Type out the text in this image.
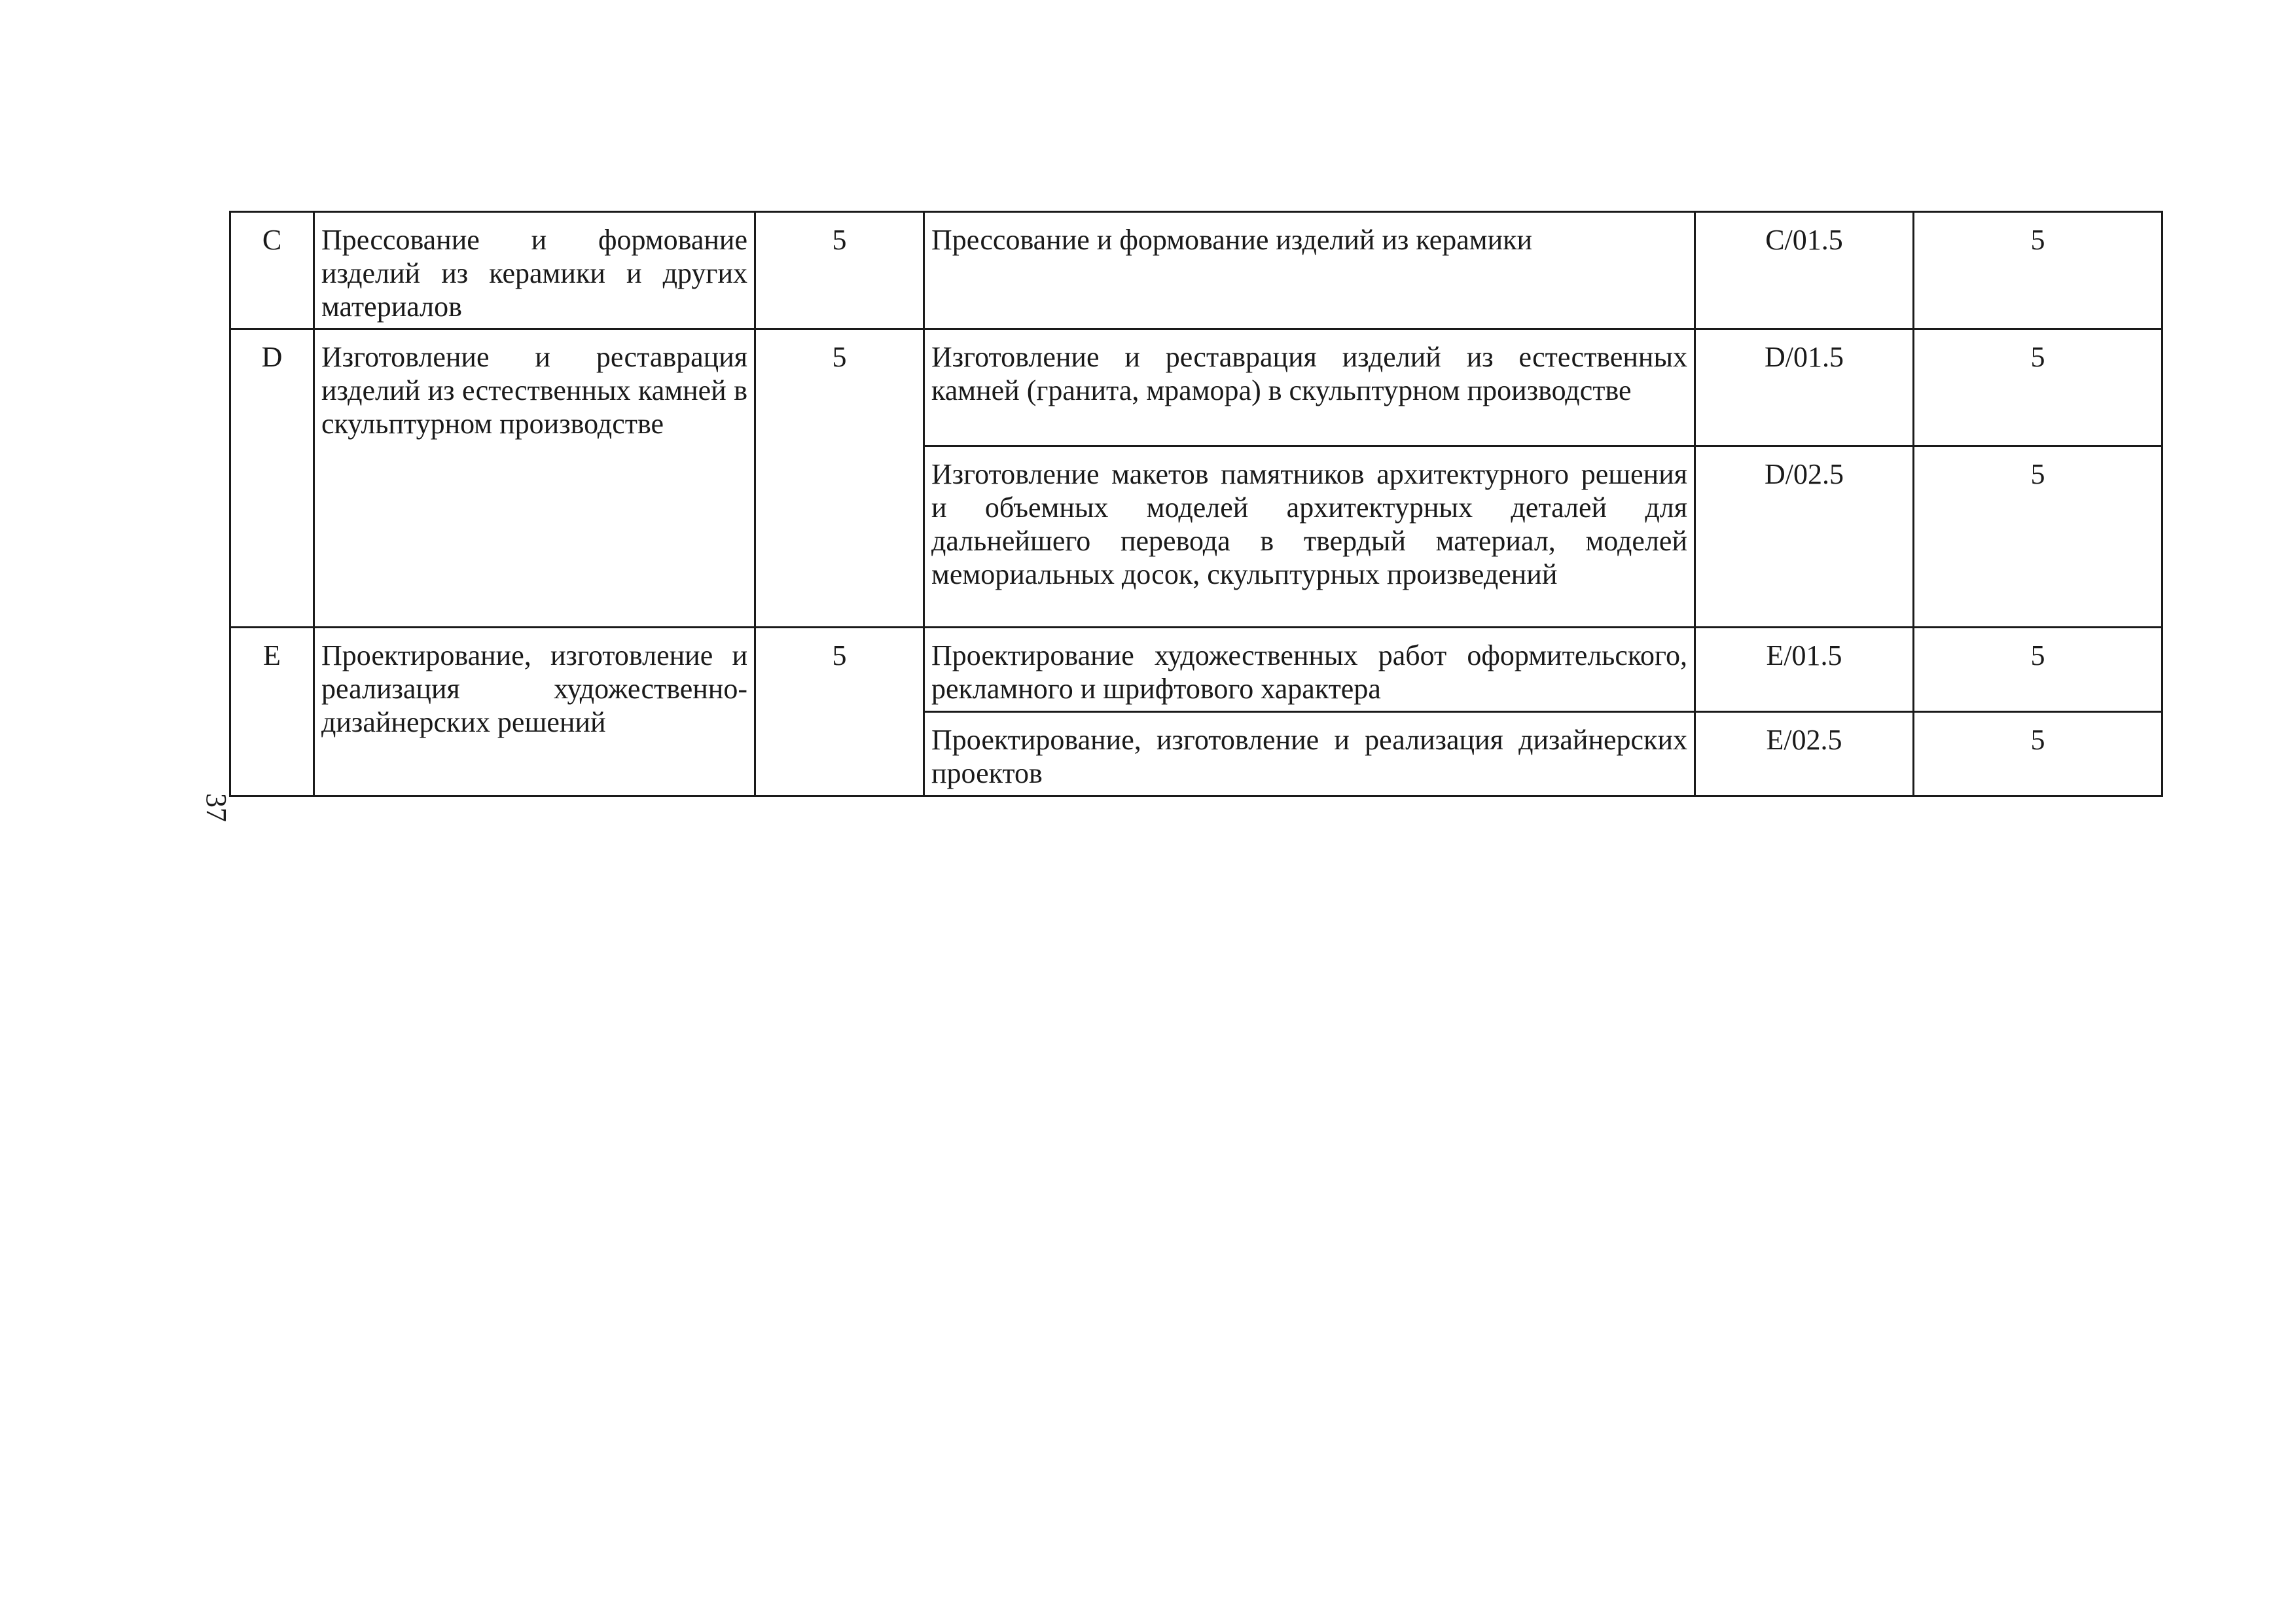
37
C	Прессование и формование изделий из керамики и других материалов	5	Прессование и формование изделий из керамики	C/01.5	5
D	Изготовление и реставрация изделий из естественных камней в скульптурном производстве	5	Изготовление и реставрация изделий из естественных камней (гранита, мрамора) в скульптурном производстве	D/01.5	5
			Изготовление макетов памятников архитектурного решения и объемных моделей архитектурных деталей для дальнейшего перевода в твердый материал, моделей мемориальных досок, скульптурных произведений	D/02.5	5
E	Проектирование, изготовление и реализация художественно-дизайнерских решений	5	Проектирование художественных работ оформительского, рекламного и шрифтового характера	E/01.5	5
			Проектирование, изготовление и реализация дизайнерских проектов	E/02.5	5
